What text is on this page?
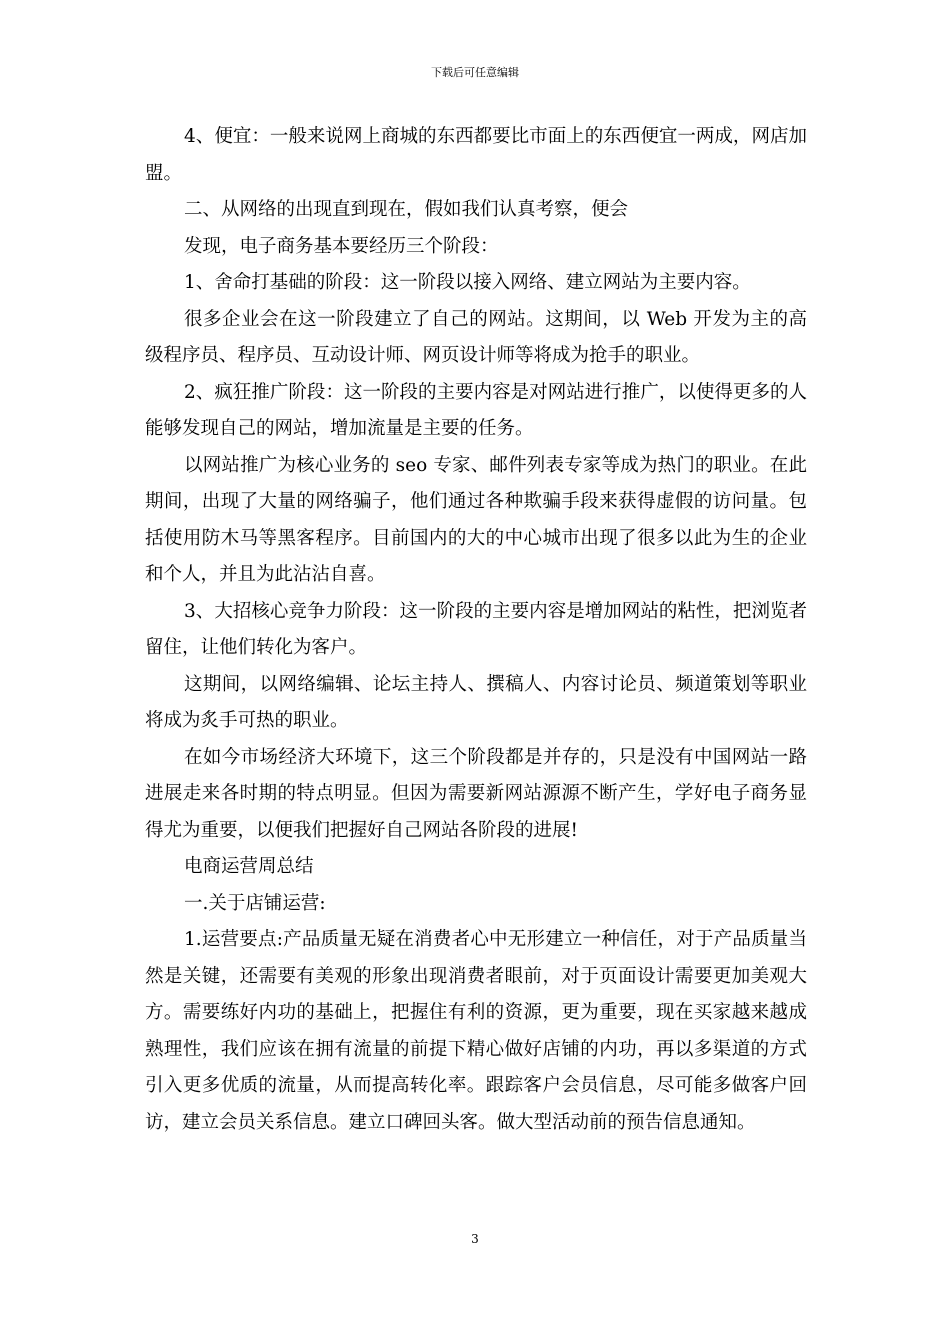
下载后可任意编辑

4、便宜：一般来说网上商城的东西都要比市面上的东西便宜一两成，网店加盟。

二、从网络的出现直到现在，假如我们认真考察，便会

发现，电子商务基本要经历三个阶段：

1、舍命打基础的阶段：这一阶段以接入网络、建立网站为主要内容。

很多企业会在这一阶段建立了自己的网站。这期间，以 Web 开发为主的高级程序员、程序员、互动设计师、网页设计师等将成为抢手的职业。

2、疯狂推广阶段：这一阶段的主要内容是对网站进行推广，以使得更多的人能够发现自己的网站，增加流量是主要的任务。

以网站推广为核心业务的 seo 专家、邮件列表专家等成为热门的职业。在此期间，出现了大量的网络骗子，他们通过各种欺骗手段来获得虚假的访问量。包括使用防木马等黑客程序。目前国内的大的中心城市出现了很多以此为生的企业和个人，并且为此沾沾自喜。

3、大招核心竞争力阶段：这一阶段的主要内容是增加网站的粘性，把浏览者留住，让他们转化为客户。

这期间，以网络编辑、论坛主持人、撰稿人、内容讨论员、频道策划等职业将成为炙手可热的职业。

在如今市场经济大环境下，这三个阶段都是并存的，只是没有中国网站一路进展走来各时期的特点明显。但因为需要新网站源源不断产生，学好电子商务显得尤为重要，以便我们把握好自己网站各阶段的进展!

电商运营周总结

一.关于店铺运营:

1.运营要点:产品质量无疑在消费者心中无形建立一种信任，对于产品质量当然是关键，还需要有美观的形象出现消费者眼前，对于页面设计需要更加美观大方。需要练好内功的基础上，把握住有利的资源，更为重要，现在买家越来越成熟理性，我们应该在拥有流量的前提下精心做好店铺的内功，再以多渠道的方式引入更多优质的流量，从而提高转化率。跟踪客户会员信息，尽可能多做客户回访，建立会员关系信息。建立口碑回头客。做大型活动前的预告信息通知。

3
